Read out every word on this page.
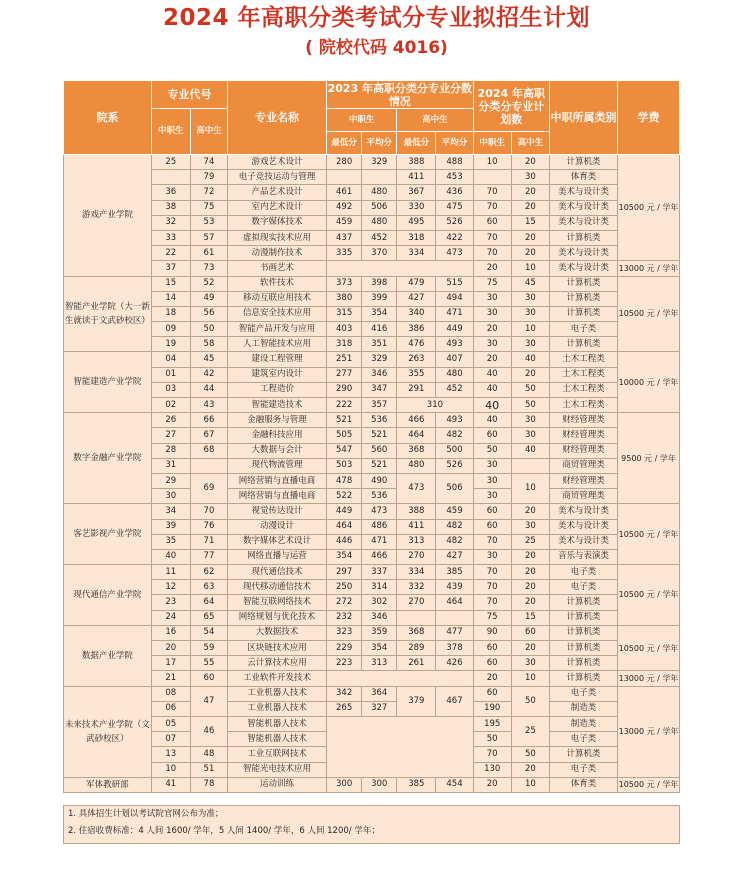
2024 年高职分类考试分专业拟招生计划
( 院校代码 4016)
院系	专业代号		专业名称	2023 年高职分类分专业分数情况				2024 年高职分类分专业计划数		中职所属类别	学费
	中职生	高中生		中职生		高中生					
				最低分	平均分	最低分	平均分	中职生	高中生		
游戏产业学院	25	74	游戏艺术设计	280	329	388	488	10	20	计算机类	10500 元 / 学年
		79	电子竞技运动与管理			411	453		30	体育类	
	36	72	产品艺术设计	461	480	367	436	70	20	美术与设计类	
	38	75	室内艺术设计	492	506	330	475	70	20	美术与设计类	
	32	53	数字媒体技术	459	480	495	526	60	15	美术与设计类	
	33	57	虚拟现实技术应用	437	452	318	422	70	20	计算机类	
	22	61	动漫制作技术	335	370	334	473	70	20	美术与设计类	
	37	73	书画艺术					20	10	美术与设计类	13000 元 / 学年
智能产业学院（大一新生就读于文武砂校区）	15	52	软件技术	373	398	479	515	75	45	计算机类	10500 元 / 学年
	14	49	移动互联应用技术	380	399	427	494	30	30	计算机类	
	18	56	信息安全技术应用	315	354	340	471	30	30	计算机类	
	09	50	智能产品开发与应用	403	416	386	449	20	10	电子类	
	19	58	人工智能技术应用	318	351	476	493	30	30	计算机类	
智能建造产业学院	04	45	建设工程管理	251	329	263	407	20	40	土木工程类	10000 元 / 学年
	01	42	建筑室内设计	277	346	355	480	40	20	土木工程类	
	03	44	工程造价	290	347	291	452	40	50	土木工程类	
	02	43	智能建造技术	222	357	310		40	50	土木工程类	
数字金融产业学院	26	66	金融服务与管理	521	536	466	493	40	30	财经管理类	9500 元 / 学年
	27	67	金融科技应用	505	521	464	482	60	30	财经管理类	
	28	68	大数据与会计	547	560	368	500	50	40	财经管理类	
	31		现代物流管理	503	521	480	526	30		商贸管理类	
	29	69	网络营销与直播电商	478	490	473	506	30	10	财经管理类	
	30		网络营销与直播电商	522	536			30		商贸管理类	
客艺影视产业学院	34	70	视觉传达设计	449	473	388	459	60	20	美术与设计类	10500 元 / 学年
	39	76	动漫设计	464	486	411	482	60	30	美术与设计类	
	35	71	数字媒体艺术设计	446	471	313	482	70	25	美术与设计类	
	40	77	网络直播与运营	354	466	270	427	30	20	音乐与表演类	
现代通信产业学院	11	62	现代通信技术	297	337	334	385	70	20	电子类	10500 元 / 学年
	12	63	现代移动通信技术	250	314	332	439	70	20	电子类	
	23	64	智能互联网络技术	272	302	270	464	70	20	计算机类	
	24	65	网络规划与优化技术	232	346			75	15	计算机类	
数据产业学院	16	54	大数据技术	323	359	368	477	90	60	计算机类	10500 元 / 学年
	20	59	区块链技术应用	229	354	289	378	60	20	计算机类	
	17	55	云计算技术应用	223	313	261	426	60	30	计算机类	
	21	60	工业软件开发技术					20	10	计算机类	13000 元 / 学年
未来技术产业学院（文武砂校区）	08	47	工业机器人技术	342	364	379	467	60	50	电子类	13000 元 / 学年
	06		工业机器人技术	265	327			190		制造类	
	05	46	智能机器人技术					195	25	制造类	
	07		智能机器人技术					50		电子类	
	13	48	工业互联网技术					70	50	计算机类	
	10	51	智能光电技术应用					130	20	电子类	
军体教研部	41	78	运动训练	300	300	385	454	20	10	体育类	10500 元 / 学年
1. 具体招生计划以考试院官网公布为准；
2. 住宿收费标准：4 人间 1600/ 学年，5 人间 1400/ 学年，6 人间 1200/ 学年；
